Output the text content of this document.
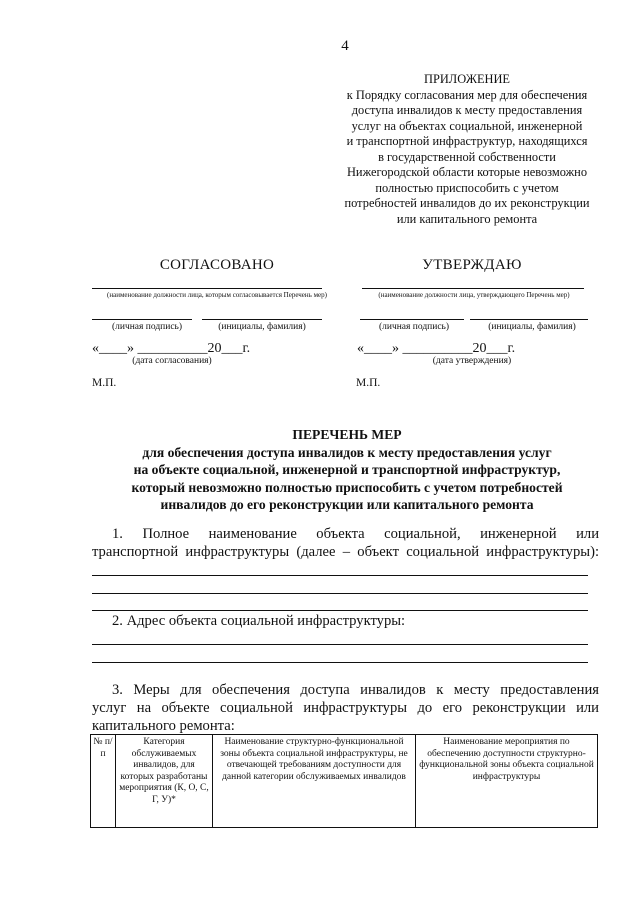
4
ПРИЛОЖЕНИЕ
к Порядку согласования мер для обеспечения
доступа инвалидов к месту предоставления
услуг на объектах социальной, инженерной
и транспортной инфраструктур, находящихся
в государственной собственности
Нижегородской области которые невозможно
полностью приспособить с учетом
потребностей инвалидов до их реконструкции
или капитального ремонта
СОГЛАСОВАНО
(наименование должности лица, которым согласовывается Перечень мер)
(личная подпись)	(инициалы, фамилия)
«____» __________20___г.
(дата согласования)
М.П.
УТВЕРЖДАЮ
(наименование должности лица, утверждающего Перечень мер)
(личная подпись)	(инициалы, фамилия)
«____» __________20___г.
(дата утверждения)
М.П.
ПЕРЕЧЕНЬ МЕР
для обеспечения доступа инвалидов к месту предоставления услуг
на объекте социальной, инженерной и транспортной инфраструктур,
который невозможно полностью приспособить с учетом потребностей
инвалидов до его реконструкции или капитального ремонта
1. Полное наименование объекта социальной, инженерной или
транспортной инфраструктуры (далее – объект социальной инфраструктуры):
2. Адрес объекта социальной инфраструктуры:
3. Меры для обеспечения доступа инвалидов к месту предоставления
услуг на объекте социальной инфраструктуры до его реконструкции или
капитального ремонта:
№ п/п	Категория обслуживаемых инвалидов, для которых разработаны мероприятия (К, О, С, Г, У)*	Наименование структурно-функциональной зоны объекта социальной инфраструктуры, не отвечающей требованиям доступности для данной категории обслуживаемых инвалидов	Наименование мероприятия по обеспечению доступности структурно-функциональной зоны объекта социальной инфраструктуры
